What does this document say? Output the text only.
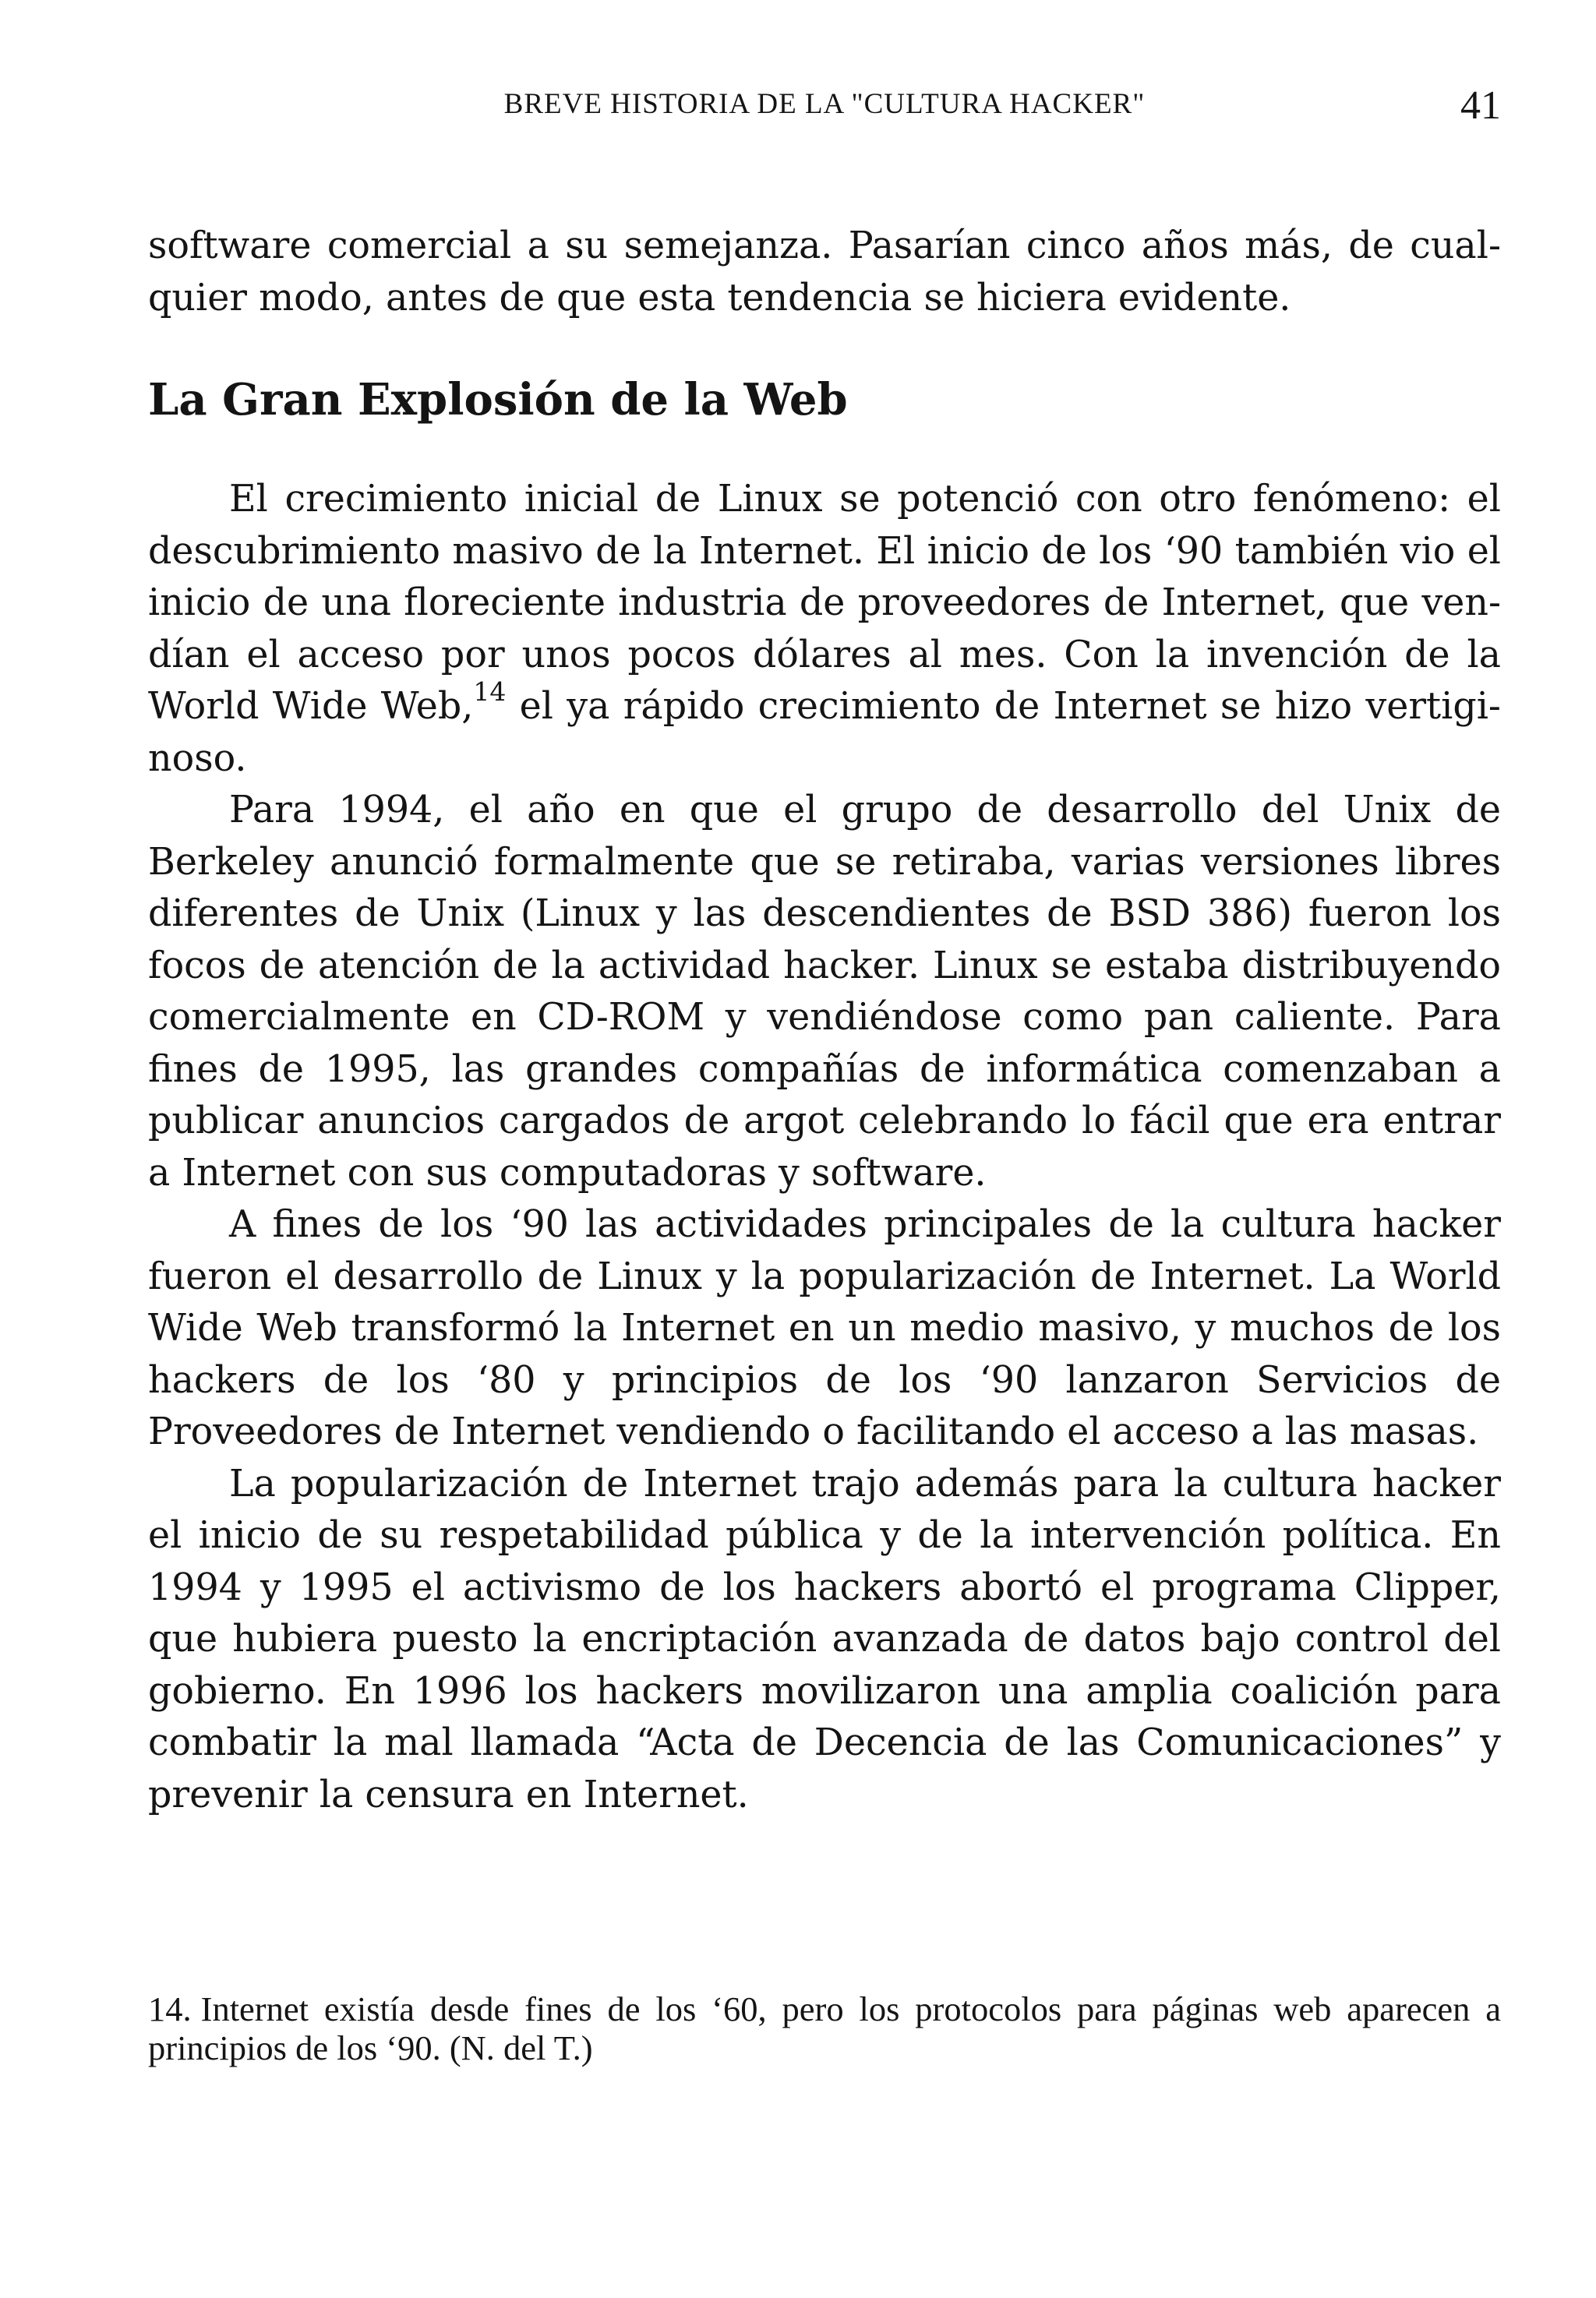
BREVE HISTORIA DE LA "CULTURA HACKER"	41

software comercial a su semejanza. Pasarían cinco años más, de cualquier modo, antes de que esta tendencia se hiciera evidente.

La Gran Explosión de la Web

El crecimiento inicial de Linux se potenció con otro fenómeno: el descubrimiento masivo de la Internet. El inicio de los ‘90 también vio el inicio de una floreciente industria de proveedores de Internet, que vendían el acceso por unos pocos dólares al mes. Con la invención de la World Wide Web,$^{14}$ el ya rápido crecimiento de Internet se hizo vertiginoso.

Para 1994, el año en que el grupo de desarrollo del Unix de Berkeley anunció formalmente que se retiraba, varias versiones libres diferentes de Unix (Linux y las descendientes de BSD 386) fueron los focos de atención de la actividad hacker. Linux se estaba distribuyendo comercialmente en CD-ROM y vendiéndose como pan caliente. Para fines de 1995, las grandes compañías de informática comenzaban a publicar anuncios cargados de argot celebrando lo fácil que era entrar a Internet con sus computadoras y software.

A fines de los ‘90 las actividades principales de la cultura hacker fueron el desarrollo de Linux y la popularización de Internet. La World Wide Web transformó la Internet en un medio masivo, y muchos de los hackers de los ‘80 y principios de los ‘90 lanzaron Servicios de Proveedores de Internet vendiendo o facilitando el acceso a las masas.

La popularización de Internet trajo además para la cultura hacker el inicio de su respetabilidad pública y de la intervención política. En 1994 y 1995 el activismo de los hackers abortó el programa Clipper, que hubiera puesto la encriptación avanzada de datos bajo control del gobierno. En 1996 los hackers movilizaron una amplia coalición para combatir la mal llamada “Acta de Decencia de las Comunicaciones” y prevenir la censura en Internet.

14. Internet existía desde fines de los ‘60, pero los protocolos para páginas web aparecen a principios de los ‘90. (N. del T.)
